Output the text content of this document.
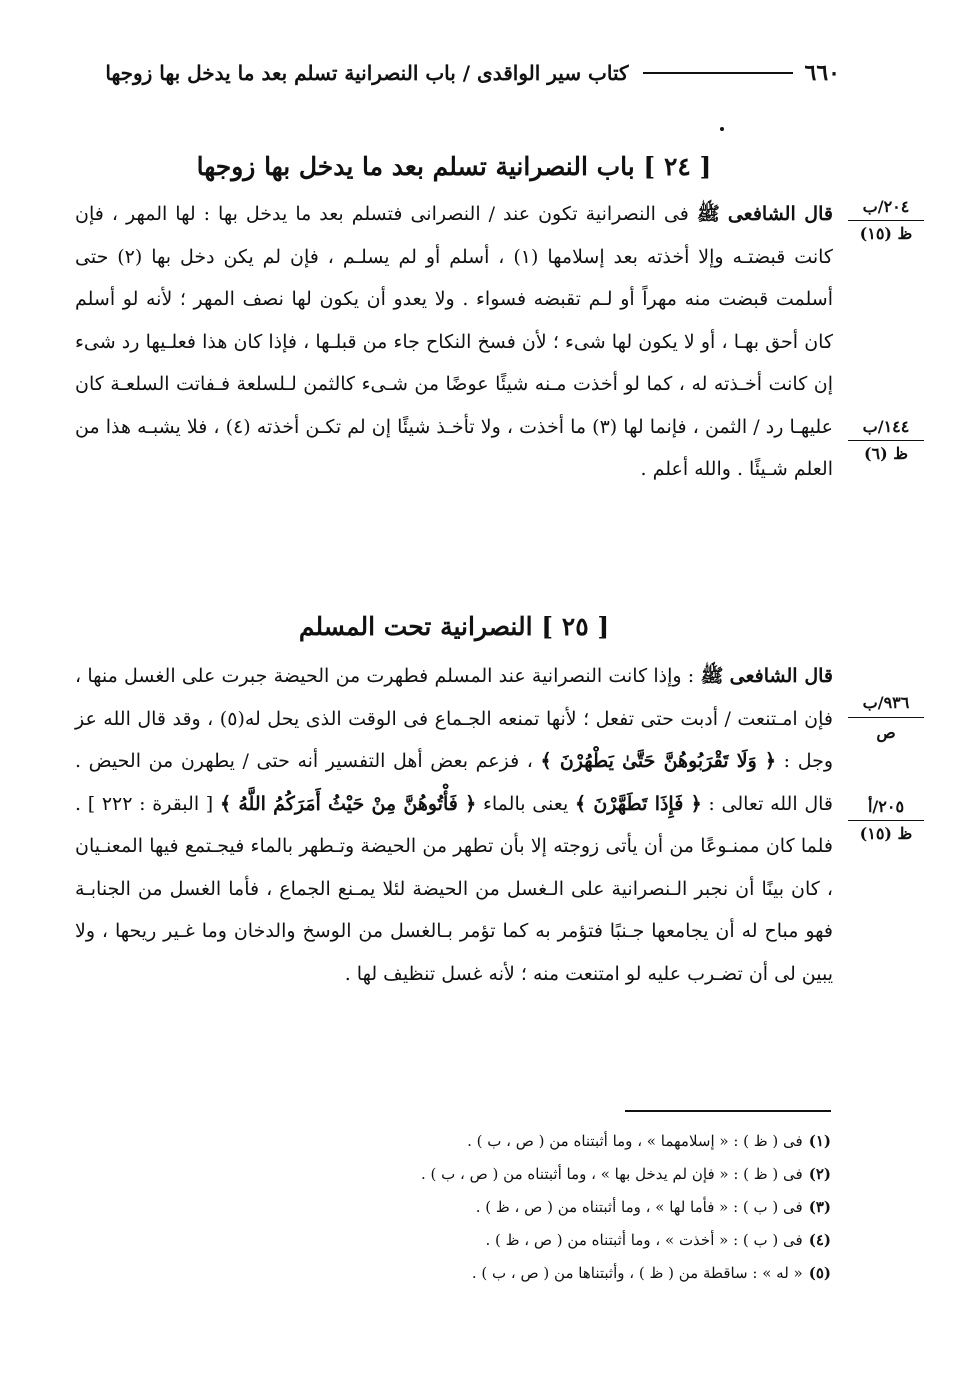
٦٦٠
كتاب سير الواقدى / باب النصرانية تسلم بعد ما يدخل بها زوجها
[ ٢٤ ] باب النصرانية تسلم بعد ما يدخل بها زوجها

قال الشافعى ﷺ فى النصرانية تكون عند / النصرانى فتسلم بعد ما يدخل بها : لها المهر ، فإن كانت قبضتـه وإلا أخذته بعد إسلامها (١) ، أسلم أو لم يسلـم ، فإن لم يكن دخل بها (٢) حتى أسلمت قبضت منه مهراً أو لـم تقبضه فسواء . ولا يعدو أن يكون لها نصف المهر ؛ لأنه لو أسلم كان أحق بهـا ، أو لا يكون لها شىء ؛ لأن فسخ النكاح جاء من قبلـها ، فإذا كان هذا فعلـيها رد شىء إن كانت أخـذته له ، كما لو أخذت مـنه شيئًا عوضًا من شـىء كالثمن لـلسلعة فـفاتت السلعـة كان عليهـا رد / الثمن ، فإنما لها (٣) ما أخذت ، ولا تأخـذ شيئًا إن لم تكـن أخذته (٤) ، فلا يشبـه هذا من العلم شـيئًا . والله أعلم .

[ ٢٥ ] النصرانية تحت المسلم

قال الشافعى ﷺ : وإذا كانت النصرانية عند المسلم فطهرت من الحيضة جبرت على الغسل منها ، فإن امـتنعت / أدبت حتى تفعل ؛ لأنها تمنعه الجـماع فى الوقت الذى يحل له(٥) ، وقد قال الله عز وجل : ﴿ وَلَا تَقْرَبُوهُنَّ حَتَّىٰ يَطْهُرْنَ ﴾ ، فزعم بعض أهل التفسير أنه حتى / يطهرن من الحيض . قال الله تعالى : ﴿ فَإِذَا تَطَهَّرْنَ ﴾ يعنى بالماء ﴿ فَأْتُوهُنَّ مِنْ حَيْثُ أَمَرَكُمُ اللَّهُ ﴾ [ البقرة : ٢٢٢ ] . فلما كان ممنـوعًا من أن يأتى زوجته إلا بأن تطهر من الحيضة وتـطهر بالماء فيجـتمع فيها المعنـيان ، كان بينًا أن نجبر الـنصرانية على الـغسل من الحيضة لئلا يمـنع الجماع ، فأما الغسل من الجنابـة فهو مباح له أن يجامعها جـنبًا فتؤمر به كما تؤمر بـالغسل من الوسخ والدخان وما غـير ريحها ، ولا يبين لى أن تضـرب عليه لو امتنعت منه ؛ لأنه غسل تنظيف لها .

٢٠٤/ب
ظ (١٥)
١٤٤/ب
ظ (٦)
٩٣٦/ب
ص
٢٠٥/أ
ظ (١٥)
(١)فى ( ظ ) : « إسلامهما » ، وما أثبتناه من ( ص ، ب ) .
(٢)فى ( ظ ) : « فإن لم يدخل بها » ، وما أثبتناه من ( ص ، ب ) .
(٣)فى ( ب ) : « فأما لها » ، وما أثبتناه من ( ص ، ظ ) .
(٤)فى ( ب ) : « أخذت » ، وما أثبتناه من ( ص ، ظ ) .
(٥)« له » : ساقطة من ( ظ ) ، وأثبتناها من ( ص ، ب ) .
